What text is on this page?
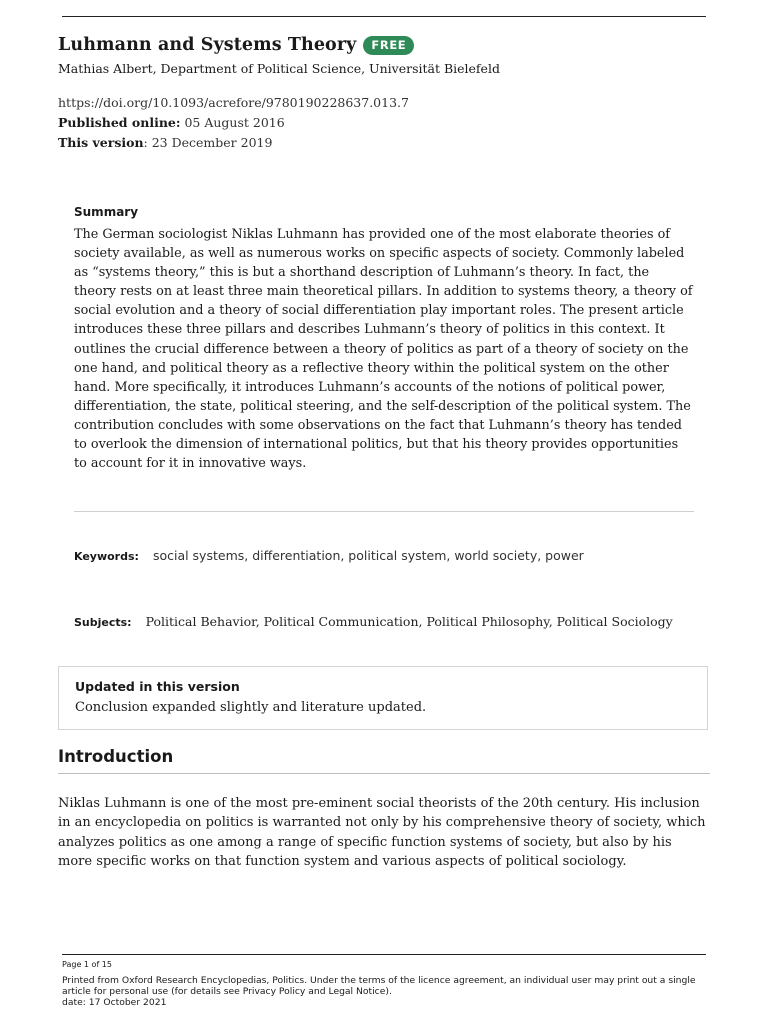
Luhmann and Systems Theory	FREE
Mathias Albert, Department of Political Science, Universität Bielefeld
https://doi.org/10.1093/acrefore/9780190228637.013.7
Published online: 05 August 2016
This version: 23 December 2019
Summary

The German sociologist Niklas Luhmann has provided one of the most elaborate theories of society available, as well as numerous works on specific aspects of society. Commonly labeled as “systems theory,” this is but a shorthand description of Luhmann’s theory. In fact, the theory rests on at least three main theoretical pillars. In addition to systems theory, a theory of social evolution and a theory of social differentiation play important roles. The present article introduces these three pillars and describes Luhmann’s theory of politics in this context. It outlines the crucial difference between a theory of politics as part of a theory of society on the one hand, and political theory as a reflective theory within the political system on the other hand. More specifically, it introduces Luhmann’s accounts of the notions of political power, differentiation, the state, political steering, and the self-description of the political system. The contribution concludes with some observations on the fact that Luhmann’s theory has tended to overlook the dimension of international politics, but that his theory provides opportunities to account for it in innovative ways.

Keywords: social systems, differentiation, political system, world society, power
Subjects: Political Behavior, Political Communication, Political Philosophy, Political Sociology
Updated in this version
Conclusion expanded slightly and literature updated.
Introduction

Niklas Luhmann is one of the most pre-eminent social theorists of the 20th century. His inclusion in an encyclopedia on politics is warranted not only by his comprehensive theory of society, which analyzes politics as one among a range of specific function systems of society, but also by his more specific works on that function system and various aspects of political sociology.

Page 1 of 15

Printed from Oxford Research Encyclopedias, Politics. Under the terms of the licence agreement, an individual user may print out a single article for personal use (for details see Privacy Policy and Legal Notice).
date: 17 October 2021
